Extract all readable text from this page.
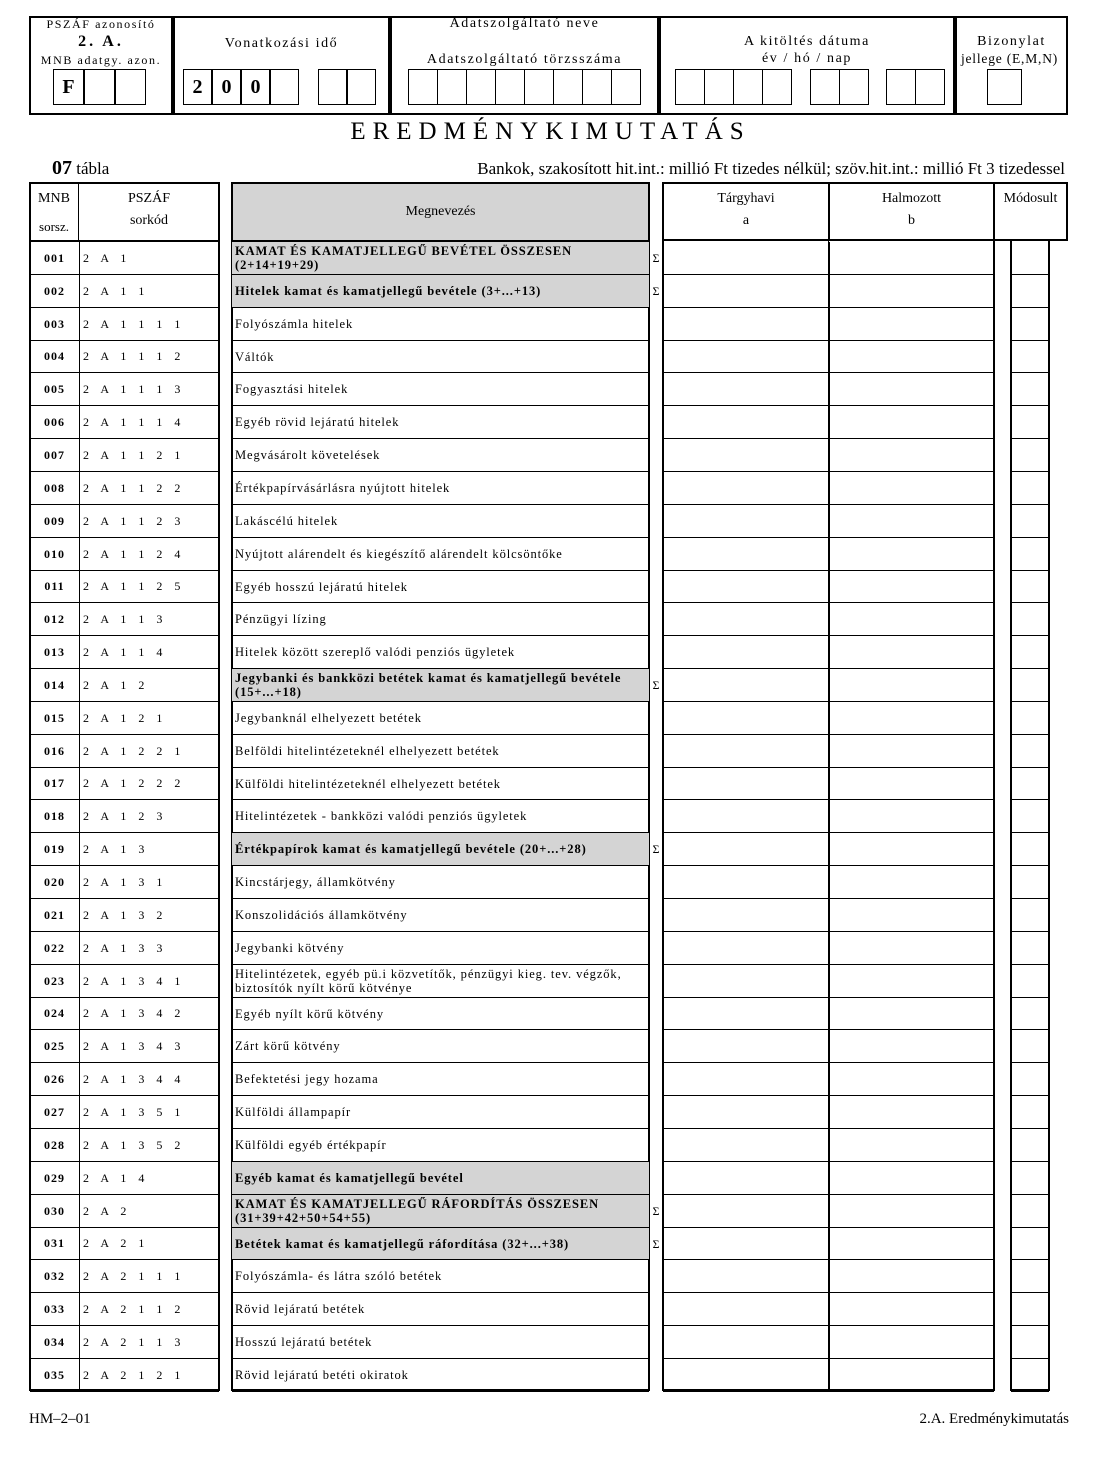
PSZÁF azonosító
2. A.
MNB adatgy. azon.
F
Vonatkozási idő
2 0 0
Adatszolgáltató neve
Adatszolgáltató törzsszáma
A kitöltés dátuma
év / hó / nap
Bizonylat
jellege (E,M,N)
EREDMÉNYKIMUTATÁS
07 tábla	Bankok, szakosított hit.int.: millió Ft tizedes nélkül; szöv.hit.int.: millió Ft 3 tizedessel
MNB
sorsz.
PSZÁF
sorkód
Megnevezés
Tárgyhavi
a
Halmozott
b
Módosult
001	2 A 1	KAMAT ÉS KAMATJELLEGŰ BEVÉTEL ÖSSZESEN (2+14+19+29)	Σ
002	2 A 1 1	Hitelek kamat és kamatjellegű bevétele (3+...+13)	Σ
003	2 A 1 1 1 1	Folyószámla hitelek
004	2 A 1 1 1 2	Váltók
005	2 A 1 1 1 3	Fogyasztási hitelek
006	2 A 1 1 1 4	Egyéb rövid lejáratú hitelek
007	2 A 1 1 2 1	Megvásárolt követelések
008	2 A 1 1 2 2	Értékpapírvásárlásra nyújtott hitelek
009	2 A 1 1 2 3	Lakáscélú hitelek
010	2 A 1 1 2 4	Nyújtott alárendelt és kiegészítő alárendelt kölcsöntőke
011	2 A 1 1 2 5	Egyéb hosszú lejáratú hitelek
012	2 A 1 1 3	Pénzügyi lízing
013	2 A 1 1 4	Hitelek között szereplő valódi penziós ügyletek
014	2 A 1 2	Jegybanki és bankközi betétek kamat és kamatjellegű bevétele (15+...+18)	Σ
015	2 A 1 2 1	Jegybanknál elhelyezett betétek
016	2 A 1 2 2 1	Belföldi hitelintézeteknél elhelyezett betétek
017	2 A 1 2 2 2	Külföldi hitelintézeteknél elhelyezett betétek
018	2 A 1 2 3	Hitelintézetek - bankközi valódi penziós ügyletek
019	2 A 1 3	Értékpapírok kamat és kamatjellegű bevétele (20+...+28)	Σ
020	2 A 1 3 1	Kincstárjegy, államkötvény
021	2 A 1 3 2	Konszolidációs államkötvény
022	2 A 1 3 3	Jegybanki kötvény
023	2 A 1 3 4 1	Hitelintézetek, egyéb pü.i közvetítők, pénzügyi kieg. tev. végzők, biztosítók nyílt körű kötvénye
024	2 A 1 3 4 2	Egyéb nyílt körű kötvény
025	2 A 1 3 4 3	Zárt körű kötvény
026	2 A 1 3 4 4	Befektetési jegy hozama
027	2 A 1 3 5 1	Külföldi állampapír
028	2 A 1 3 5 2	Külföldi egyéb értékpapír
029	2 A 1 4	Egyéb kamat és kamatjellegű bevétel
030	2 A 2	KAMAT ÉS KAMATJELLEGŰ RÁFORDÍTÁS ÖSSZESEN (31+39+42+50+54+55)	Σ
031	2 A 2 1	Betétek kamat és kamatjellegű ráfordítása (32+...+38)	Σ
032	2 A 2 1 1 1	Folyószámla- és látra szóló betétek
033	2 A 2 1 1 2	Rövid lejáratú betétek
034	2 A 2 1 1 3	Hosszú lejáratú betétek
035	2 A 2 1 2 1	Rövid lejáratú betéti okiratok
HM–2–01	2.A. Eredménykimutatás
